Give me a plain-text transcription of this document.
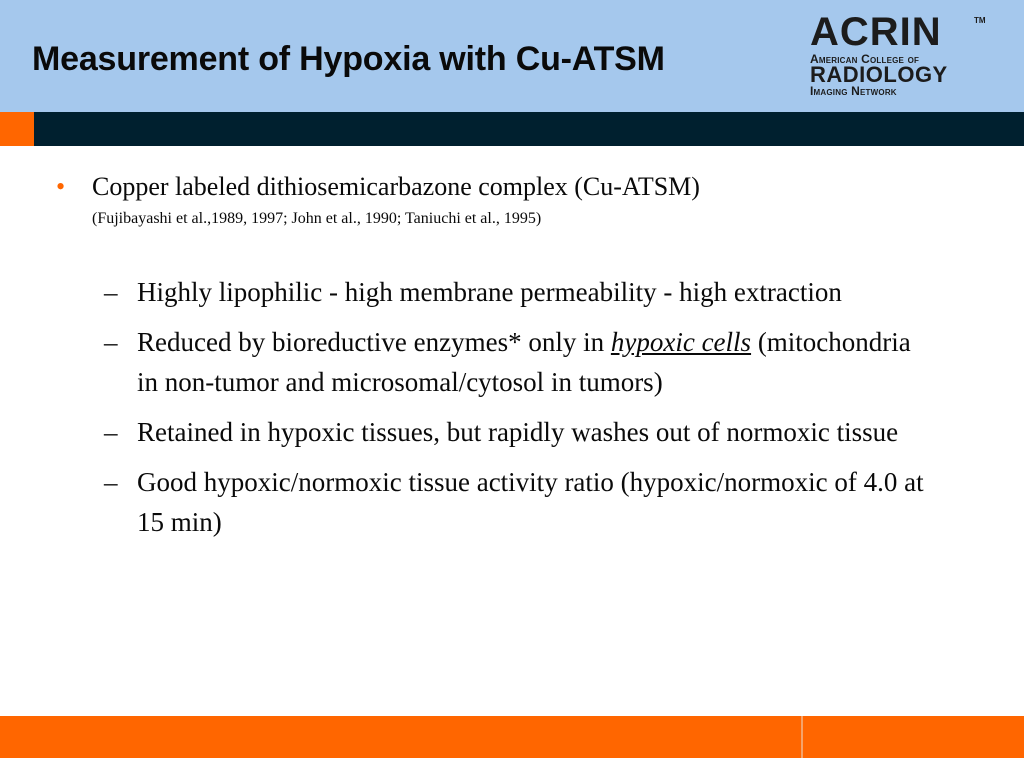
Measurement of Hypoxia with Cu-ATSM
ACRIN	TM
American College of
RADIOLOGY
Imaging Network
• Copper labeled dithiosemicarbazone complex (Cu-ATSM)
(Fujibayashi et al.,1989, 1997; John et al., 1990; Taniuchi et al., 1995)
– Highly lipophilic - high membrane permeability - high extraction
– Reduced by bioreductive enzymes* only in hypoxic cells (mitochondria in non-tumor and microsomal/cytosol in tumors)
– Retained in hypoxic tissues, but rapidly washes out of normoxic tissue
– Good hypoxic/normoxic tissue activity ratio (hypoxic/normoxic of 4.0 at 15 min)
